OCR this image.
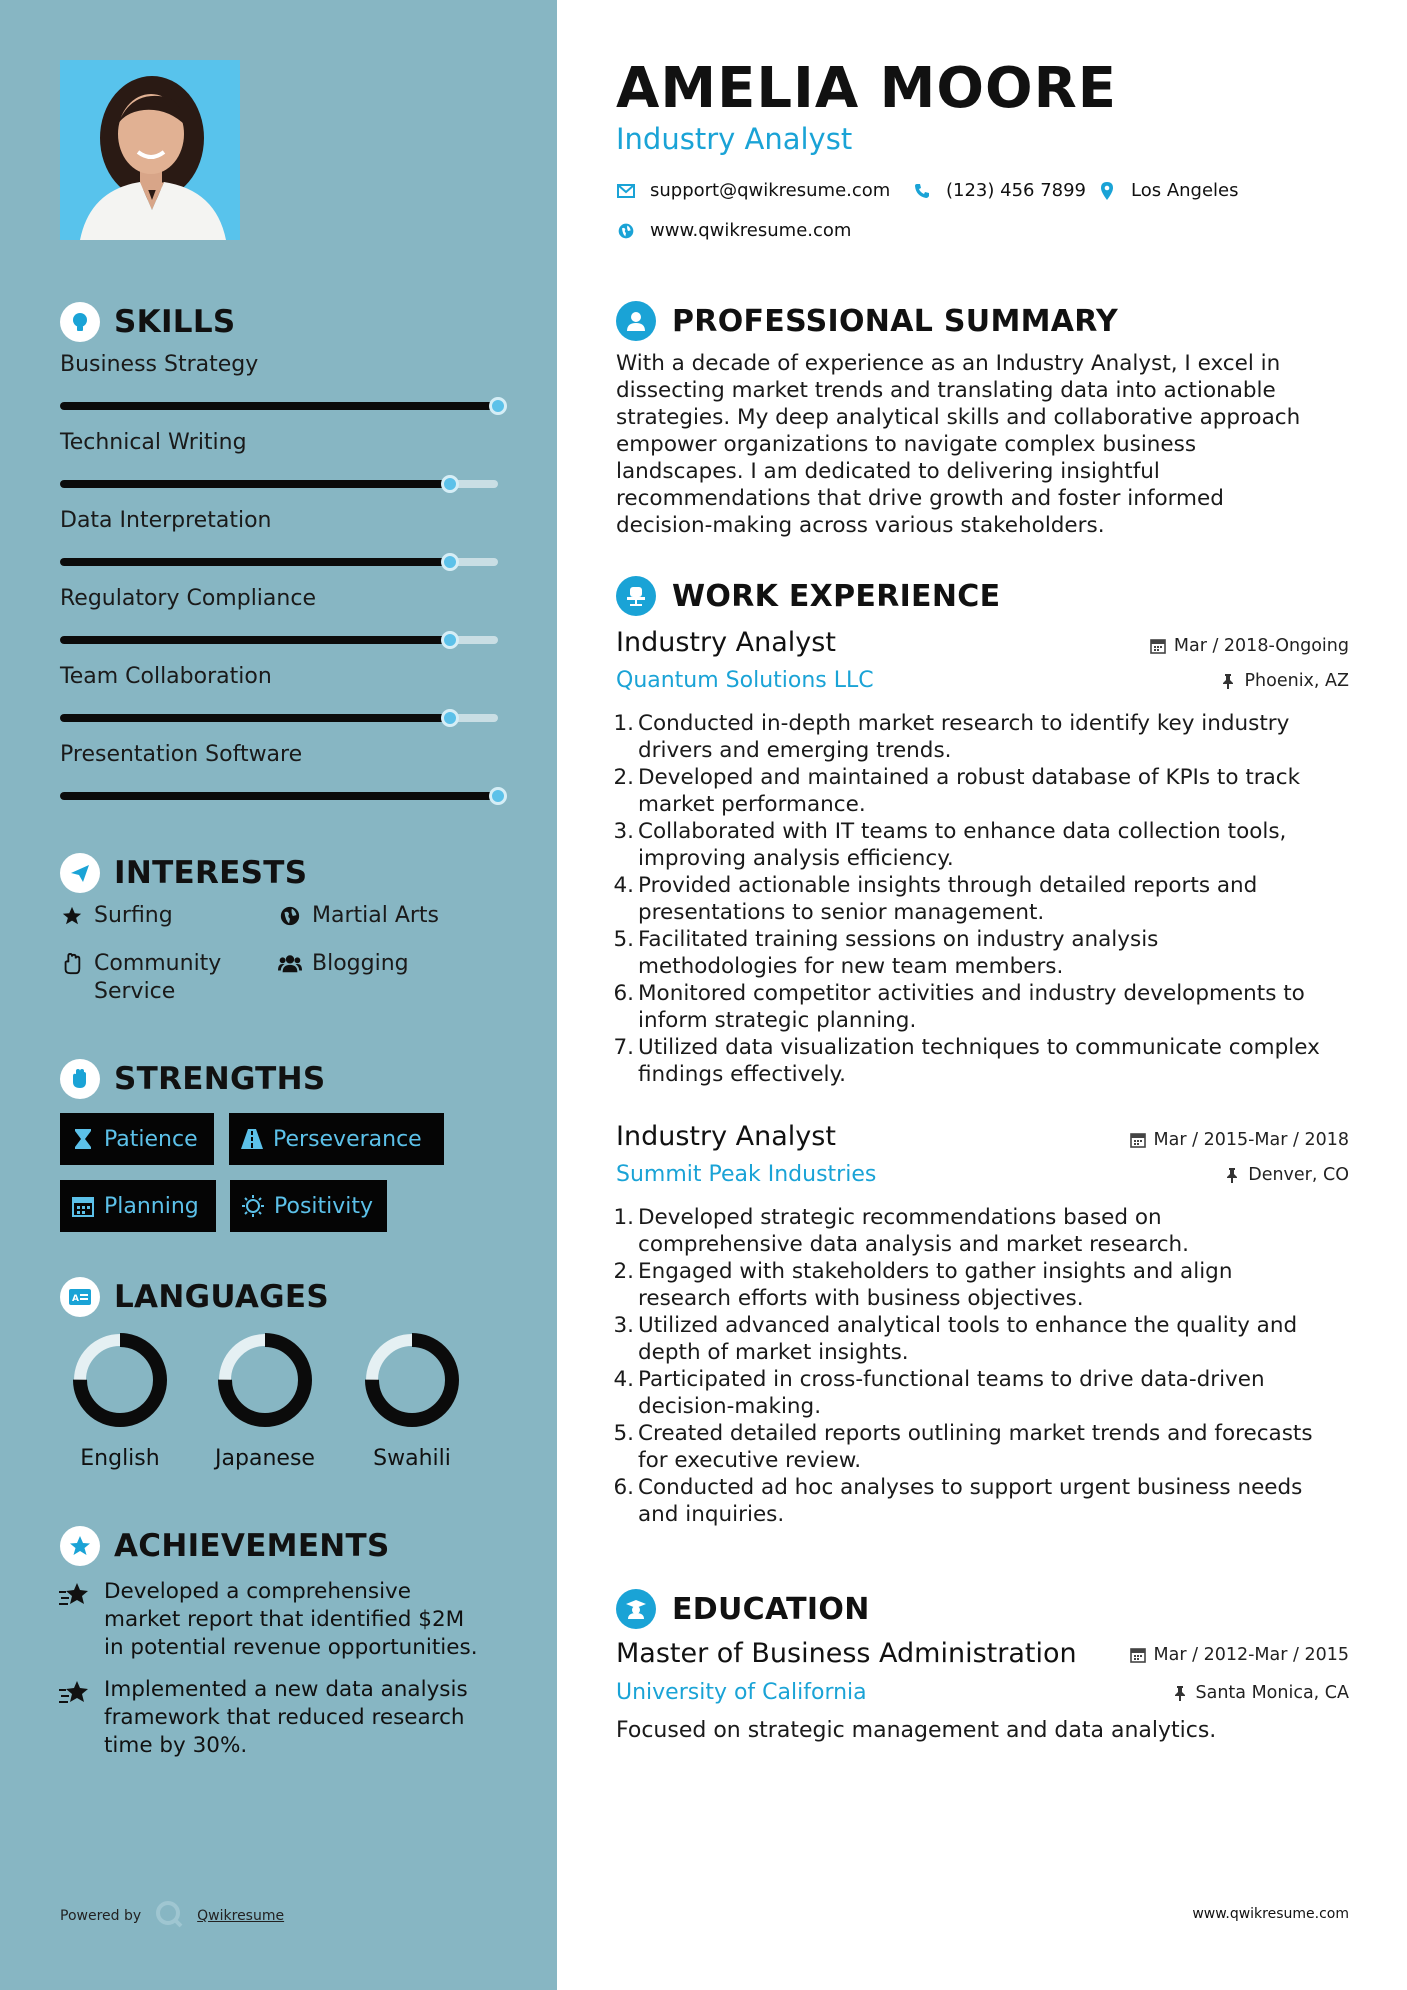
SKILLS
Business Strategy
Technical Writing
Data Interpretation
Regulatory Compliance
Team Collaboration
Presentation Software
INTERESTS
Surfing	Martial Arts
Community
Service
Blogging
STRENGTHS
Patience	Perseverance
Planning	Positivity
A LANGUAGES
English	Japanese	Swahili
ACHIEVEMENTS
Developed a comprehensive
market report that identified $2M
in potential revenue opportunities.
Implemented a new data analysis
framework that reduced research
time by 30%.
Powered by	Qwikresume
AMELIA MOORE
Industry Analyst
support@qwikresume.com	(123) 456 7899 Los Angeles
www.qwikresume.com
PROFESSIONAL SUMMARY
With a decade of experience as an Industry Analyst, I excel in
dissecting market trends and translating data into actionable
strategies. My deep analytical skills and collaborative approach
empower organizations to navigate complex business
landscapes. I am dedicated to delivering insightful
recommendations that drive growth and foster informed
decision-making across various stakeholders.
WORK EXPERIENCE
Industry Analyst
Quantum Solutions LLC
Mar / 2018-Ongoing
Phoenix, AZ
1. Conducted in-depth market research to identify key industry
drivers and emerging trends.
2. Developed and maintained a robust database of KPIs to track
market performance.
3. Collaborated with IT teams to enhance data collection tools,
improving analysis efficiency.
4. Provided actionable insights through detailed reports and
presentations to senior management.
5. Facilitated training sessions on industry analysis
methodologies for new team members.
6. Monitored competitor activities and industry developments to
inform strategic planning.
7. Utilized data visualization techniques to communicate complex
findings effectively.
Industry Analyst
Summit Peak Industries
Mar / 2015-Mar / 2018
Denver, CO
1. Developed strategic recommendations based on
comprehensive data analysis and market research.
2. Engaged with stakeholders to gather insights and align
research efforts with business objectives.
3. Utilized advanced analytical tools to enhance the quality and
depth of market insights.
4. Participated in cross-functional teams to drive data-driven
decision-making.
5. Created detailed reports outlining market trends and forecasts
for executive review.
6. Conducted ad hoc analyses to support urgent business needs
and inquiries.
EDUCATION
Master of Business Administration
University of California
Mar / 2012-Mar / 2015
Santa Monica, CA
Focused on strategic management and data analytics.
www.qwikresume.com
